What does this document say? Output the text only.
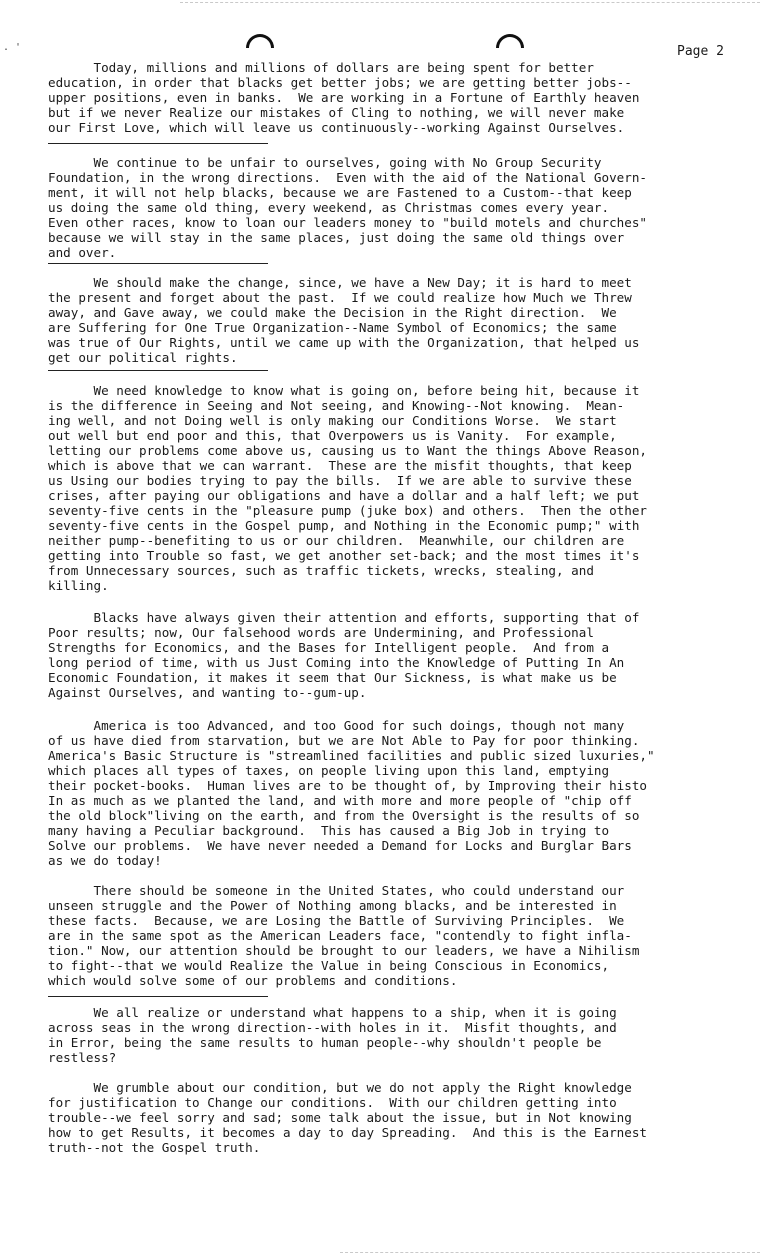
. '	Page 2
Today, millions and millions of dollars are being spent for better
education, in order that blacks get better jobs; we are getting better jobs--
upper positions, even in banks.  We are working in a Fortune of Earthly heaven
but if we never Realize our mistakes of Cling to nothing, we will never make
our First Love, which will leave us continuously--working Against Ourselves.
We continue to be unfair to ourselves, going with No Group Security
Foundation, in the wrong directions.  Even with the aid of the National Govern-
ment, it will not help blacks, because we are Fastened to a Custom--that keep
us doing the same old thing, every weekend, as Christmas comes every year.
Even other races, know to loan our leaders money to "build motels and churches"
because we will stay in the same places, just doing the same old things over
and over.
We should make the change, since, we have a New Day; it is hard to meet
the present and forget about the past.  If we could realize how Much we Threw
away, and Gave away, we could make the Decision in the Right direction.  We
are Suffering for One True Organization--Name Symbol of Economics; the same
was true of Our Rights, until we came up with the Organization, that helped us
get our political rights.
We need knowledge to know what is going on, before being hit, because it
is the difference in Seeing and Not seeing, and Knowing--Not knowing.  Mean-
ing well, and not Doing well is only making our Conditions Worse.  We start
out well but end poor and this, that Overpowers us is Vanity.  For example,
letting our problems come above us, causing us to Want the things Above Reason,
which is above that we can warrant.  These are the misfit thoughts, that keep
us Using our bodies trying to pay the bills.  If we are able to survive these
crises, after paying our obligations and have a dollar and a half left; we put
seventy-five cents in the "pleasure pump (juke box) and others.  Then the other
seventy-five cents in the Gospel pump, and Nothing in the Economic pump;" with
neither pump--benefiting to us or our children.  Meanwhile, our children are
getting into Trouble so fast, we get another set-back; and the most times it's
from Unnecessary sources, such as traffic tickets, wrecks, stealing, and
killing.
Blacks have always given their attention and efforts, supporting that of
Poor results; now, Our falsehood words are Undermining, and Professional
Strengths for Economics, and the Bases for Intelligent people.  And from a
long period of time, with us Just Coming into the Knowledge of Putting In An
Economic Foundation, it makes it seem that Our Sickness, is what make us be
Against Ourselves, and wanting to--gum-up.
America is too Advanced, and too Good for such doings, though not many
of us have died from starvation, but we are Not Able to Pay for poor thinking.
America's Basic Structure is "streamlined facilities and public sized luxuries,"
which places all types of taxes, on people living upon this land, emptying
their pocket-books.  Human lives are to be thought of, by Improving their histo
In as much as we planted the land, and with more and more people of "chip off
the old block"living on the earth, and from the Oversight is the results of so
many having a Peculiar background.  This has caused a Big Job in trying to
Solve our problems.  We have never needed a Demand for Locks and Burglar Bars
as we do today!
There should be someone in the United States, who could understand our
unseen struggle and the Power of Nothing among blacks, and be interested in
these facts.  Because, we are Losing the Battle of Surviving Principles.  We
are in the same spot as the American Leaders face, "contendly to fight infla-
tion." Now, our attention should be brought to our leaders, we have a Nihilism
to fight--that we would Realize the Value in being Conscious in Economics,
which would solve some of our problems and conditions.
We all realize or understand what happens to a ship, when it is going
across seas in the wrong direction--with holes in it.  Misfit thoughts, and
in Error, being the same results to human people--why shouldn't people be
restless?
We grumble about our condition, but we do not apply the Right knowledge
for justification to Change our conditions.  With our children getting into
trouble--we feel sorry and sad; some talk about the issue, but in Not knowing
how to get Results, it becomes a day to day Spreading.  And this is the Earnest
truth--not the Gospel truth.
